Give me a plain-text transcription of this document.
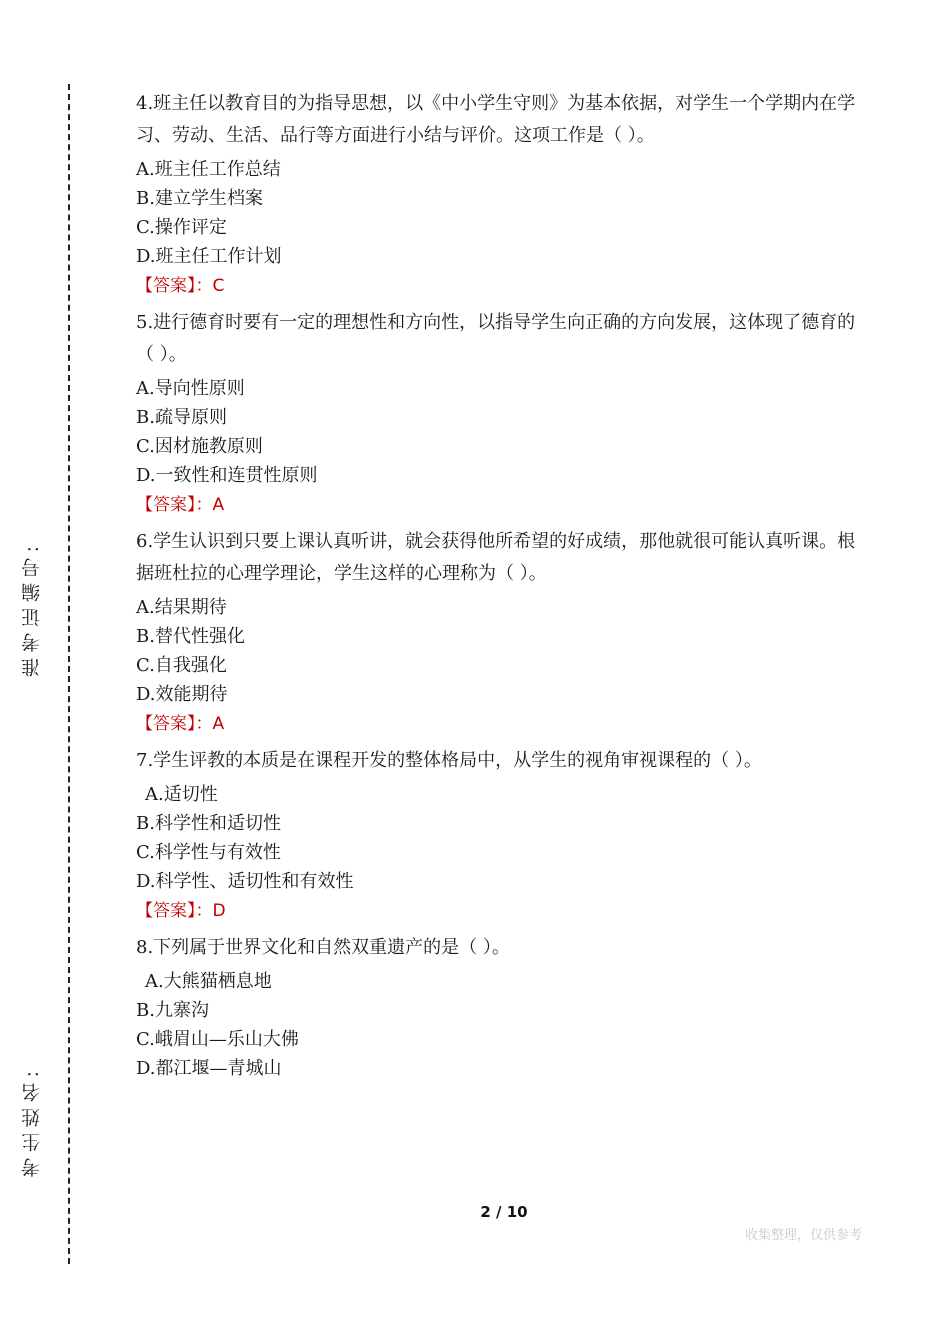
准考证编号:
考生姓名:

4.班主任以教育目的为指导思想，以《中小学生守则》为基本依据，对学生一个学期内在学习、劳动、生活、品行等方面进行小结与评价。这项工作是（ ）。

A.班主任工作总结
B.建立学生档案
C.操作评定
D.班主任工作计划

【答案】：C

5.进行德育时要有一定的理想性和方向性，以指导学生向正确的方向发展，这体现了德育的（ ）。

A.导向性原则
B.疏导原则
C.因材施教原则
D.一致性和连贯性原则

【答案】：A

6.学生认识到只要上课认真听讲，就会获得他所希望的好成绩，那他就很可能认真听课。根据班杜拉的心理学理论，学生这样的心理称为（ ）。

A.结果期待
B.替代性强化
C.自我强化
D.效能期待

【答案】：A

7.学生评教的本质是在课程开发的整体格局中，从学生的视角审视课程的（ ）。

A.适切性
B.科学性和适切性
C.科学性与有效性
D.科学性、适切性和有效性

【答案】：D

8.下列属于世界文化和自然双重遗产的是（ ）。

A.大熊猫栖息地
B.九寨沟
C.峨眉山—乐山大佛
D.都江堰—青城山
2 / 10
收集整理，仅供参考
